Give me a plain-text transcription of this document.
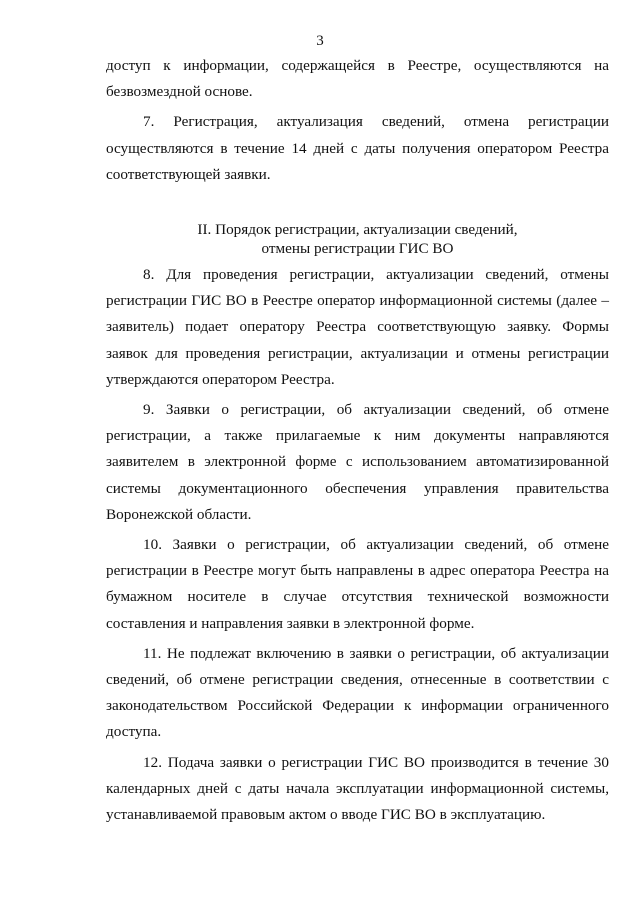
3

доступ к информации, содержащейся в Реестре, осуществляются на безвозмездной основе.

7. Регистрация, актуализация сведений, отмена регистрации осуществляются в течение 14 дней с даты получения оператором Реестра соответствующей заявки.

II. Порядок регистрации, актуализации сведений,
отмены регистрации ГИС ВО

8. Для проведения регистрации, актуализации сведений, отмены регистрации ГИС ВО в Реестре оператор информационной системы (далее – заявитель) подает оператору Реестра соответствующую заявку. Формы заявок для проведения регистрации, актуализации и отмены регистрации утверждаются оператором Реестра.

9. Заявки о регистрации, об актуализации сведений, об отмене регистрации, а также прилагаемые к ним документы направляются заявителем в электронной форме с использованием автоматизированной системы документационного обеспечения управления правительства Воронежской области.

10. Заявки о регистрации, об актуализации сведений, об отмене регистрации в Реестре могут быть направлены в адрес оператора Реестра на бумажном носителе в случае отсутствия технической возможности составления и направления заявки в электронной форме.

11. Не подлежат включению в заявки о регистрации, об актуализации сведений, об отмене регистрации сведения, отнесенные в соответствии с законодательством Российской Федерации к информации ограниченного доступа.

12. Подача заявки о регистрации ГИС ВО производится в течение 30 календарных дней с даты начала эксплуатации информационной системы, устанавливаемой правовым актом о вводе ГИС ВО в эксплуатацию.
